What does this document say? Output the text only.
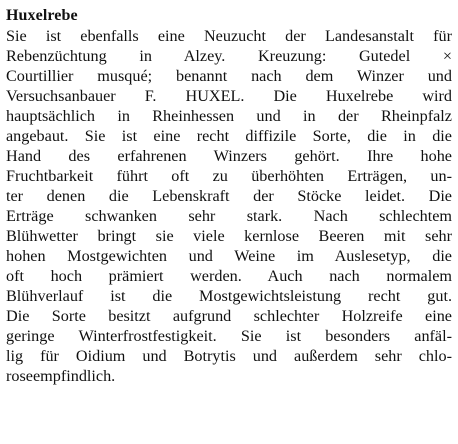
Huxelrebe
Sie ist ebenfalls eine Neuzucht der Landesanstalt für
Rebenzüchtung in Alzey. Kreuzung: Gutedel ×
Courtillier musqué; benannt nach dem Winzer und
Versuchsanbauer F. HUXEL. Die Huxelrebe wird
hauptsächlich in Rheinhessen und in der Rheinpfalz
angebaut. Sie ist eine recht diffizile Sorte, die in die
Hand des erfahrenen Winzers gehört. Ihre hohe
Fruchtbarkeit führt oft zu überhöhten Erträgen, un-
ter denen die Lebenskraft der Stöcke leidet. Die
Erträge schwanken sehr stark. Nach schlechtem
Blühwetter bringt sie viele kernlose Beeren mit sehr
hohen Mostgewichten und Weine im Auslesetyp, die
oft hoch prämiert werden. Auch nach normalem
Blühverlauf ist die Mostgewichtsleistung recht gut.
Die Sorte besitzt aufgrund schlechter Holzreife eine
geringe Winterfrostfestigkeit. Sie ist besonders anfäl-
lig für Oidium und Botrytis und außerdem sehr chlo-
roseempfindlich.
